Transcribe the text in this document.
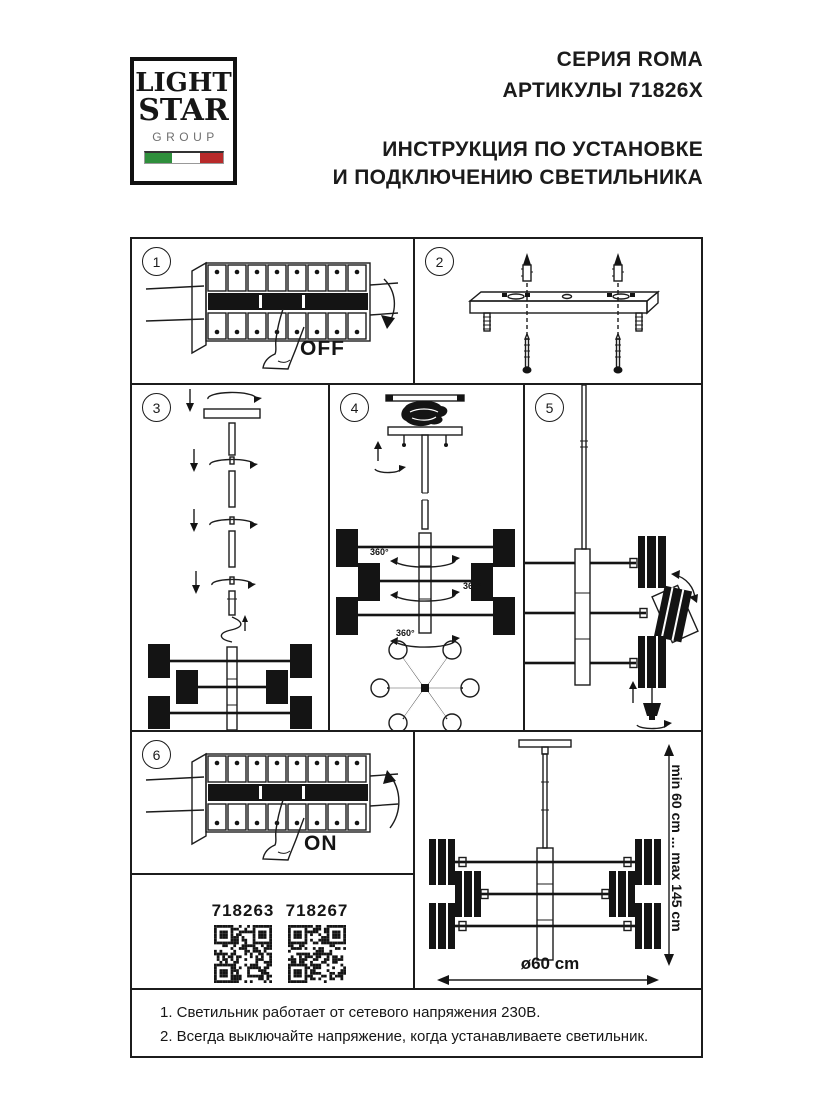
LIGHT
STAR
GROUP
СЕРИЯ ROMA
АРТИКУЛЫ 71826X
ИНСТРУКЦИЯ ПО УСТАНОВКЕ
И ПОДКЛЮЧЕНИЮ СВЕТИЛЬНИКА
1
OFF
2
3	4
360°
360°
360°
5
6
ON
718263 718267	min 60 cm ... max 145 cm
ø60 cm
1. Светильник работает от сетевого напряжения 230В.
2. Всегда выключайте напряжение, когда устанавливаете светильник.
